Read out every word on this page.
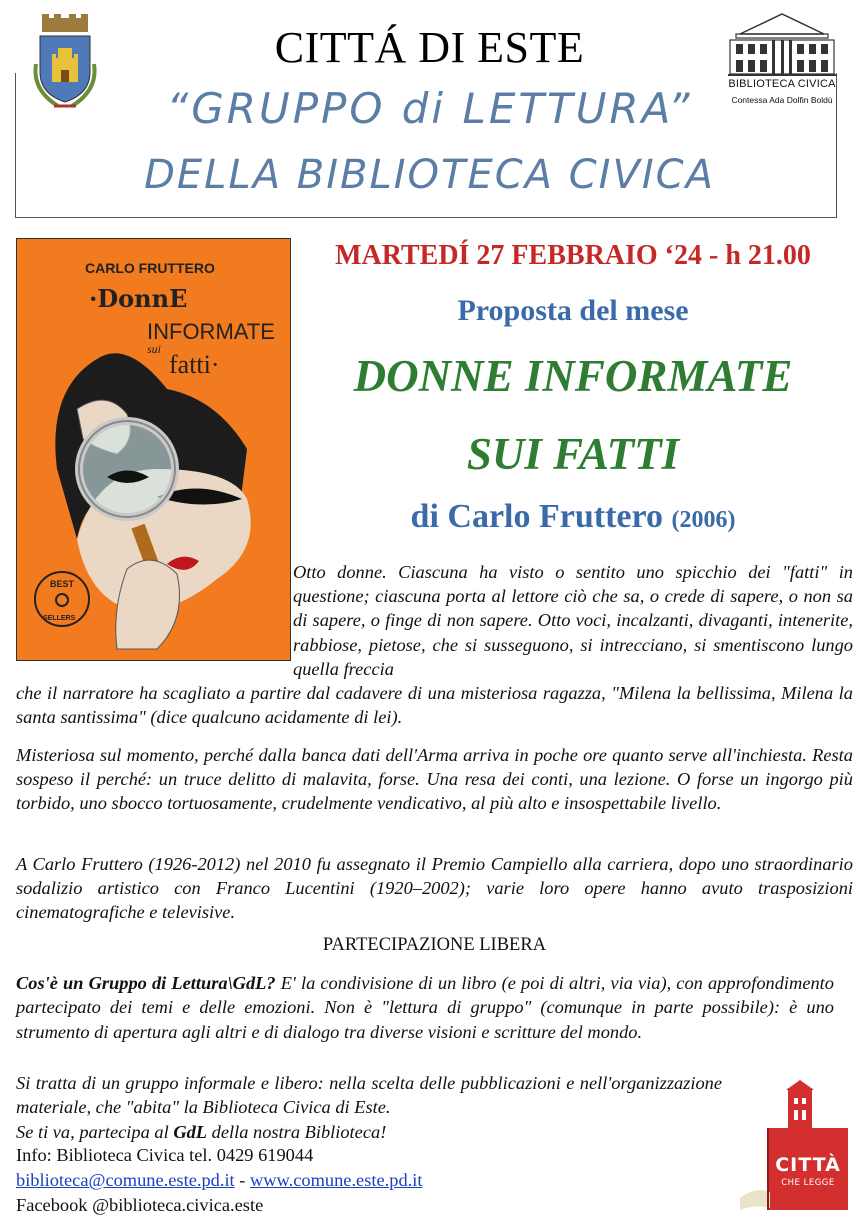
CITTÁ DI ESTE
BIBLIOTECA CIVICA
Contessa Ada Dolfin Boldù
“GRUPPO di LETTURA”
DELLA BIBLIOTECA CIVICA
CARLO FRUTTERO
·DonnE
INFORMATE
sui
fatti·
BEST
SELLERS
MARTEDÍ 27 FEBBRAIO ‘24 - h 21.00
Proposta del mese
DONNE INFORMATE
SUI FATTI
di Carlo Fruttero (2006)
Otto donne. Ciascuna ha visto o sentito uno spicchio dei "fatti" in questione; ciascuna porta al lettore ciò che sa, o crede di sapere, o non sa di sapere, o finge di non sapere. Otto voci, incalzanti, divaganti, intenerite, rabbiose, pietose, che si susseguono, si intrecciano, si smentiscono lungo quella freccia
che il narratore ha scagliato a partire dal cadavere di una misteriosa ragazza, "Milena la bellissima, Milena la santa santissima" (dice qualcuno acidamente di lei).
Misteriosa sul momento, perché dalla banca dati dell'Arma arriva in poche ore quanto serve all'inchiesta. Resta sospeso il perché: un truce delitto di malavita, forse. Una resa dei conti, una lezione. O forse un ingorgo più torbido, uno sbocco tortuosamente, crudelmente vendicativo, al più alto e insospettabile livello.
A Carlo Fruttero (1926-2012) nel 2010 fu assegnato il Premio Campiello alla carriera, dopo uno straordinario sodalizio artistico con Franco Lucentini (1920–2002); varie loro opere hanno avuto trasposizioni cinematografiche e televisive.
PARTECIPAZIONE LIBERA
Cos'è un Gruppo di Lettura\GdL? E' la condivisione di un libro (e poi di altri, via via), con approfondimento partecipato dei temi e delle emozioni. Non è "lettura di gruppo" (comunque in parte possibile): è uno strumento di apertura agli altri e di dialogo tra diverse visioni e scritture del mondo.
Si tratta di un gruppo informale e libero: nella scelta delle pubblicazioni e nell'organizzazione materiale, che "abita" la Biblioteca Civica di Este.
Se ti va, partecipa al GdL della nostra Biblioteca!
Info: Biblioteca Civica tel. 0429 619044
biblioteca@comune.este.pd.it - www.comune.este.pd.it
Facebook @biblioteca.civica.este
CITTÀ
CHE LEGGE
